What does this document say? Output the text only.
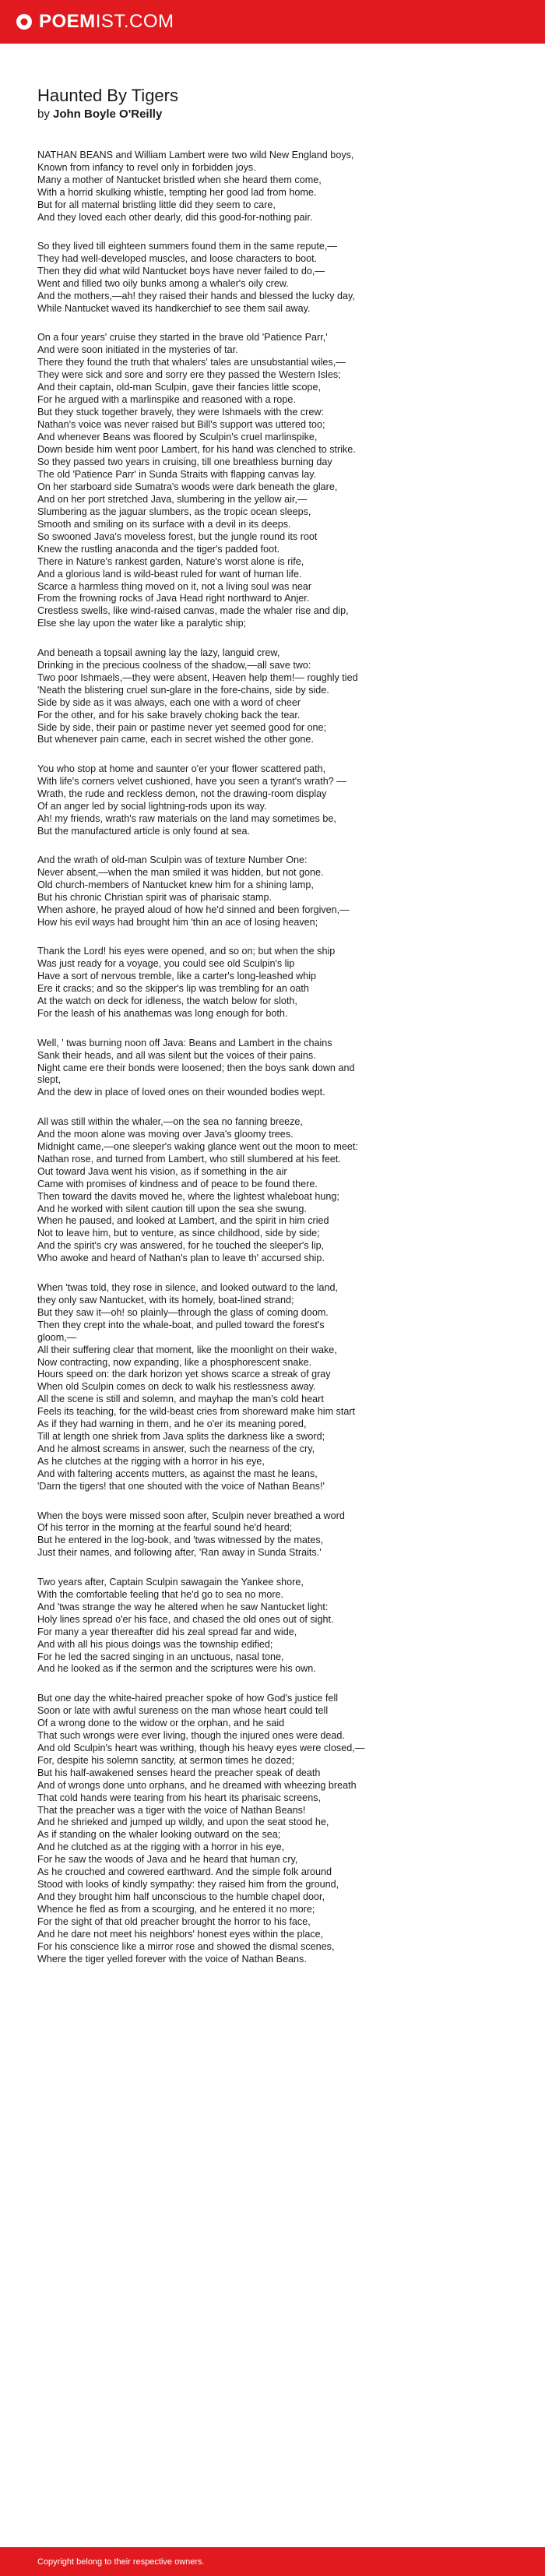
POEM IST.COM
Haunted By Tigers

by John Boyle O'Reilly

NATHAN BEANS and William Lambert were two wild New England boys,
Known from infancy to revel only in forbidden joys.
Many a mother of Nantucket bristled when she heard them come,
With a horrid skulking whistle, tempting her good lad from home.
But for all maternal bristling little did they seem to care,
And they loved each other dearly, did this good-for-nothing pair.
So they lived till eighteen summers found them in the same repute,—
They had well-developed muscles, and loose characters to boot.
Then they did what wild Nantucket boys have never failed to do,—
Went and filled two oily bunks among a whaler's oily crew.
And the mothers,—ah! they raised their hands and blessed the lucky day,
While Nantucket waved its handkerchief to see them sail away.
On a four years' cruise they started in the brave old 'Patience Parr,'
And were soon initiated in the mysteries of tar.
There they found the truth that whalers' tales are unsubstantial wiles,—
They were sick and sore and sorry ere they passed the Western Isles;
And their captain, old-man Sculpin, gave their fancies little scope,
For he argued with a marlinspike and reasoned with a rope.
But they stuck together bravely, they were Ishmaels with the crew:
Nathan's voice was never raised but Bill's support was uttered too;
And whenever Beans was floored by Sculpin's cruel marlinspike,
Down beside him went poor Lambert, for his hand was clenched to strike.
So they passed two years in cruising, till one breathless burning day
The old 'Patience Parr' in Sunda Straits with flapping canvas lay.
On her starboard side Sumatra's woods were dark beneath the glare,
And on her port stretched Java, slumbering in the yellow air,—
Slumbering as the jaguar slumbers, as the tropic ocean sleeps,
Smooth and smiling on its surface with a devil in its deeps.
So swooned Java's moveless forest, but the jungle round its root
Knew the rustling anaconda and the tiger's padded foot.
There in Nature's rankest garden, Nature's worst alone is rife,
And a glorious land is wild-beast ruled for want of human life.
Scarce a harmless thing moved on it, not a living soul was near
From the frowning rocks of Java Head right northward to Anjer.
Crestless swells, like wind-raised canvas, made the whaler rise and dip,
Else she lay upon the water like a paralytic ship;
And beneath a topsail awning lay the lazy, languid crew,
Drinking in the precious coolness of the shadow,—all save two:
Two poor Ishmaels,—they were absent, Heaven help them!— roughly tied
'Neath the blistering cruel sun-glare in the fore-chains, side by side.
Side by side as it was always, each one with a word of cheer
For the other, and for his sake bravely choking back the tear.
Side by side, their pain or pastime never yet seemed good for one;
But whenever pain came, each in secret wished the other gone.
You who stop at home and saunter o'er your flower scattered path,
With life's corners velvet cushioned, have you seen a tyrant's wrath? —
Wrath, the rude and reckless demon, not the drawing-room display
Of an anger led by social lightning-rods upon its way.
Ah! my friends, wrath's raw materials on the land may sometimes be,
But the manufactured article is only found at sea.
And the wrath of old-man Sculpin was of texture Number One:
Never absent,—when the man smiled it was hidden, but not gone.
Old church-members of Nantucket knew him for a shining lamp,
But his chronic Christian spirit was of pharisaic stamp.
When ashore, he prayed aloud of how he'd sinned and been forgiven,—
How his evil ways had brought him 'thin an ace of losing heaven;
Thank the Lord! his eyes were opened, and so on; but when the ship
Was just ready for a voyage, you could see old Sculpin's lip
Have a sort of nervous tremble, like a carter's long-leashed whip
Ere it cracks; and so the skipper's lip was trembling for an oath
At the watch on deck for idleness, the watch below for sloth,
For the leash of his anathemas was long enough for both.
Well, ' twas burning noon off Java: Beans and Lambert in the chains
Sank their heads, and all was silent but the voices of their pains.
Night came ere their bonds were loosened; then the boys sank down and
slept,
And the dew in place of loved ones on their wounded bodies wept.
All was still within the whaler,—on the sea no fanning breeze,
And the moon alone was moving over Java's gloomy trees.
Midnight came,—one sleeper's waking glance went out the moon to meet:
Nathan rose, and turned from Lambert, who still slumbered at his feet.
Out toward Java went his vision, as if something in the air
Came with promises of kindness and of peace to be found there.
Then toward the davits moved he, where the lightest whaleboat hung;
And he worked with silent caution till upon the sea she swung.
When he paused, and looked at Lambert, and the spirit in him cried
Not to leave him, but to venture, as since childhood, side by side;
And the spirit's cry was answered, for he touched the sleeper's lip,
Who awoke and heard of Nathan's plan to leave th' accursed ship.
When 'twas told, they rose in silence, and looked outward to the land,
they only saw Nantucket, with its homely, boat-lined strand;
But they saw it—oh! so plainly—through the glass of coming doom.
Then they crept into the whale-boat, and pulled toward the forest's
gloom,—
All their suffering clear that moment, like the moonlight on their wake,
Now contracting, now expanding, like a phosphorescent snake.
Hours speed on: the dark horizon yet shows scarce a streak of gray
When old Sculpin comes on deck to walk his restlessness away.
All the scene is still and solemn, and mayhap the man's cold heart
Feels its teaching, for the wild-beast cries from shoreward make him start
As if they had warning in them, and he o'er its meaning pored,
Till at length one shriek from Java splits the darkness like a sword;
And he almost screams in answer, such the nearness of the cry,
As he clutches at the rigging with a horror in his eye,
And with faltering accents mutters, as against the mast he leans,
'Darn the tigers! that one shouted with the voice of Nathan Beans!'
When the boys were missed soon after, Sculpin never breathed a word
Of his terror in the morning at the fearful sound he'd heard;
But he entered in the log-book, and 'twas witnessed by the mates,
Just their names, and following after, 'Ran away in Sunda Straits.'
Two years after, Captain Sculpin sawagain the Yankee shore,
With the comfortable feeling that he'd go to sea no more.
And 'twas strange the way he altered when he saw Nantucket light:
Holy lines spread o'er his face, and chased the old ones out of sight.
For many a year thereafter did his zeal spread far and wide,
And with all his pious doings was the township edified;
For he led the sacred singing in an unctuous, nasal tone,
And he looked as if the sermon and the scriptures were his own.
But one day the white-haired preacher spoke of how God's justice fell
Soon or late with awful sureness on the man whose heart could tell
Of a wrong done to the widow or the orphan, and he said
That such wrongs were ever living, though the injured ones were dead.
And old Sculpin's heart was writhing, though his heavy eyes were closed,—
For, despite his solemn sanctity, at sermon times he dozed;
But his half-awakened senses heard the preacher speak of death
And of wrongs done unto orphans, and he dreamed with wheezing breath
That cold hands were tearing from his heart its pharisaic screens,
That the preacher was a tiger with the voice of Nathan Beans!
And he shrieked and jumped up wildly, and upon the seat stood he,
As if standing on the whaler looking outward on the sea;
And he clutched as at the rigging with a horror in his eye,
For he saw the woods of Java and he heard that human cry,
As he crouched and cowered earthward. And the simple folk around
Stood with looks of kindly sympathy: they raised him from the ground,
And they brought him half unconscious to the humble chapel door,
Whence he fled as from a scourging, and he entered it no more;
For the sight of that old preacher brought the horror to his face,
And he dare not meet his neighbors' honest eyes within the place,
For his conscience like a mirror rose and showed the dismal scenes,
Where the tiger yelled forever with the voice of Nathan Beans.
Copyright belong to their respective owners.
